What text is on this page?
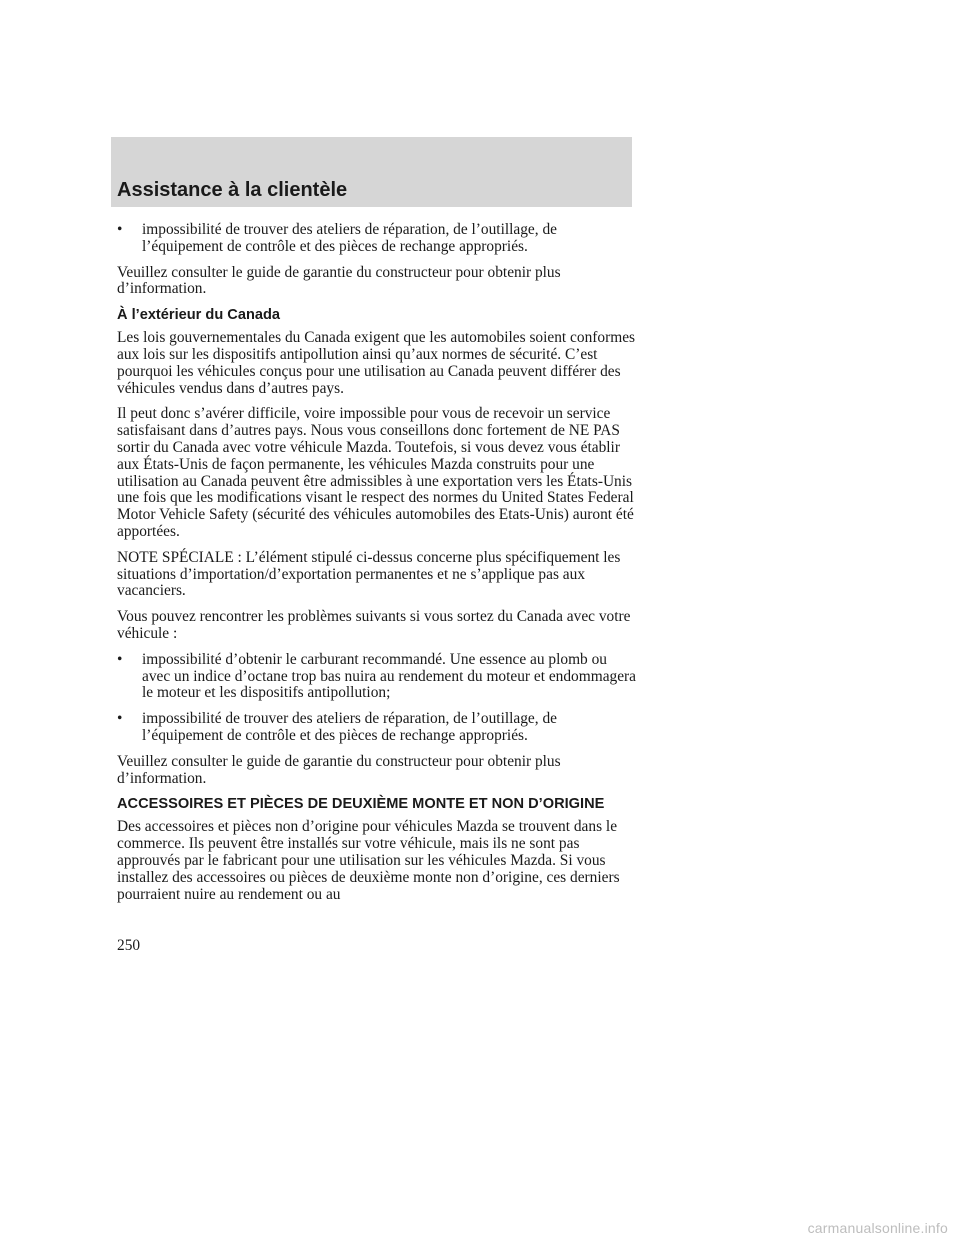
Assistance à la clientèle
•	impossibilité de trouver des ateliers de réparation, de l’outillage, de l’équipement de contrôle et des pièces de rechange appropriés.

Veuillez consulter le guide de garantie du constructeur pour obtenir plus d’information.

À l’extérieur du Canada

Les lois gouvernementales du Canada exigent que les automobiles soient conformes aux lois sur les dispositifs antipollution ainsi qu’aux normes de sécurité. C’est pourquoi les véhicules conçus pour une utilisation au Canada peuvent différer des véhicules vendus dans d’autres pays.

Il peut donc s’avérer difficile, voire impossible pour vous de recevoir un service satisfaisant dans d’autres pays. Nous vous conseillons donc fortement de NE PAS sortir du Canada avec votre véhicule Mazda. Toutefois, si vous devez vous établir aux États-Unis de façon permanente, les véhicules Mazda construits pour une utilisation au Canada peuvent être admissibles à une exportation vers les États-Unis une fois que les modifications visant le respect des normes du United States Federal Motor Vehicle Safety (sécurité des véhicules automobiles des Etats-Unis) auront été apportées.

NOTE SPÉCIALE : L’élément stipulé ci-dessus concerne plus spécifiquement les situations d’importation/d’exportation permanentes et ne s’applique pas aux vacanciers.

Vous pouvez rencontrer les problèmes suivants si vous sortez du Canada avec votre véhicule :

•	impossibilité d’obtenir le carburant recommandé. Une essence au plomb ou avec un indice d’octane trop bas nuira au rendement du moteur et endommagera le moteur et les dispositifs antipollution;
•	impossibilité de trouver des ateliers de réparation, de l’outillage, de l’équipement de contrôle et des pièces de rechange appropriés.

Veuillez consulter le guide de garantie du constructeur pour obtenir plus d’information.

ACCESSOIRES ET PIÈCES DE DEUXIÈME MONTE ET NON D’ORIGINE

Des accessoires et pièces non d’origine pour véhicules Mazda se trouvent dans le commerce. Ils peuvent être installés sur votre véhicule, mais ils ne sont pas approuvés par le fabricant pour une utilisation sur les véhicules Mazda. Si vous installez des accessoires ou pièces de deuxième monte non d’origine, ces derniers pourraient nuire au rendement ou au

250
carmanualsonline.info
